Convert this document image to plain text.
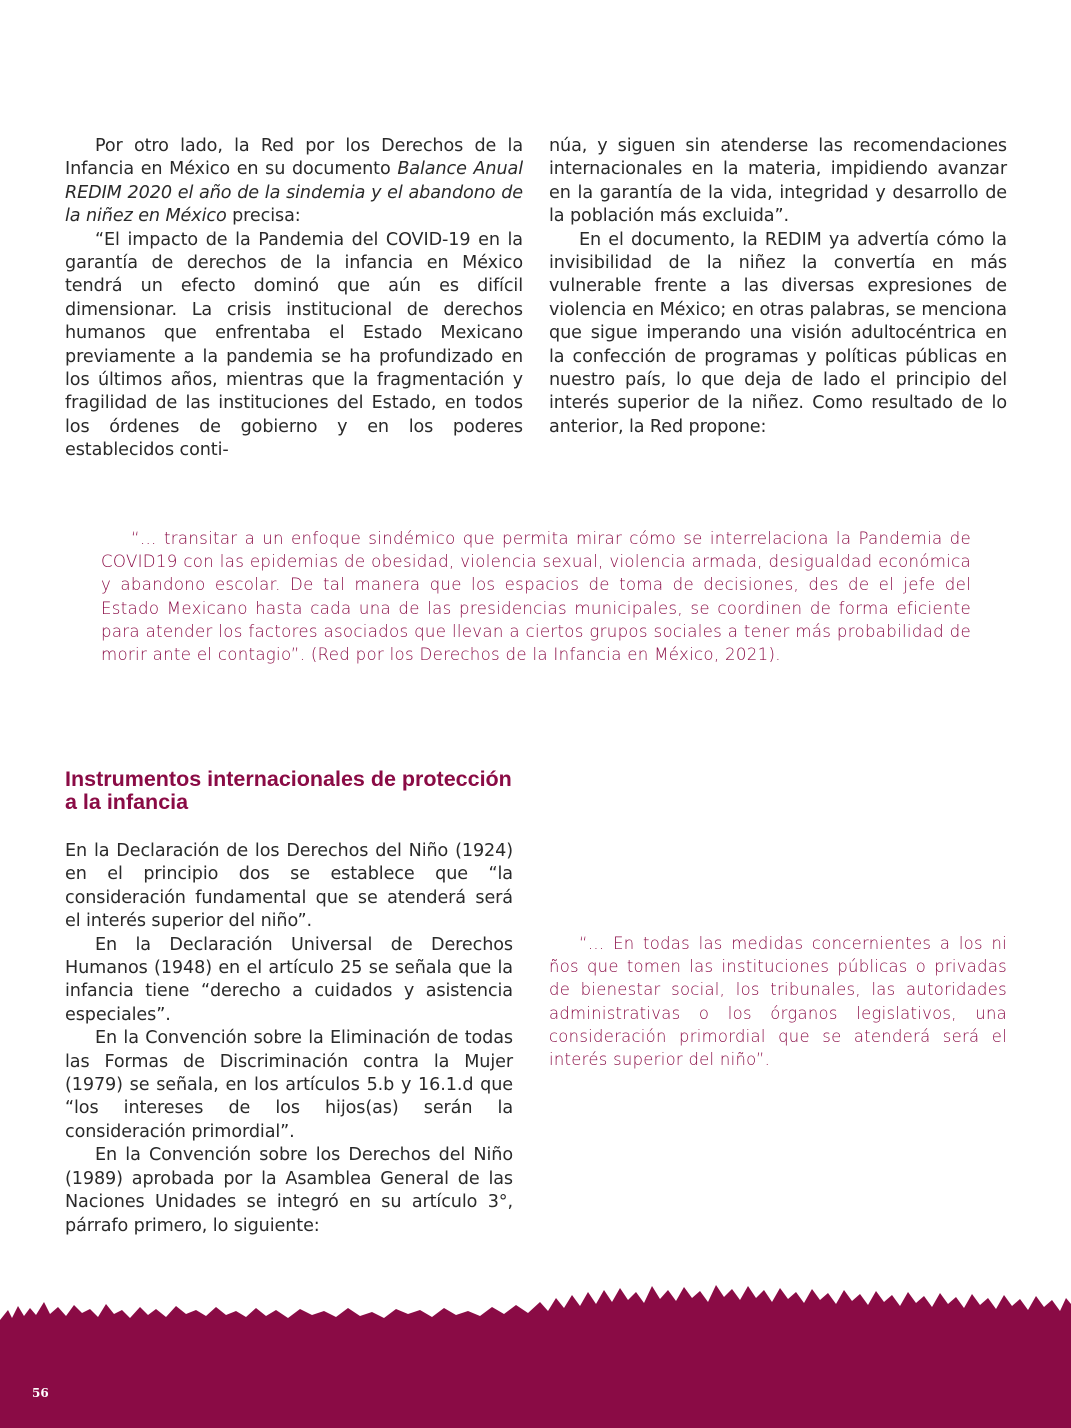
Por otro lado, la Red por los Derechos de la Infancia en México en su documento Balance Anual REDIM 2020 el año de la sindemia y el abandono de la niñez en México precisa:

“El impacto de la Pandemia del COVID-19 en la garantía de derechos de la infancia en México tendrá un efecto dominó que aún es difícil dimensionar. La crisis institucional de derechos humanos que enfrentaba el Estado Mexicano previamente a la pandemia se ha profundizado en los últimos años, mientras que la fragmentación y fragilidad de las instituciones del Estado, en todos los órdenes de gobierno y en los poderes establecidos conti-

núa, y siguen sin atenderse las recomendaciones internacionales en la materia, impidiendo avanzar en la garantía de la vida, integridad y desarrollo de la población más excluida”.

En el documento, la REDIM ya advertía cómo la invisibilidad de la niñez la convertía en más vulnerable frente a las diversas expresiones de violencia en México; en otras palabras, se menciona que sigue imperando una visión adultocéntrica en la confección de programas y políticas públicas en nuestro país, lo que deja de lado el principio del interés superior de la niñez. Como resultado de lo anterior, la Red propone:

“… transitar a un enfoque sindémico que permita mirar cómo se interrelaciona la Pandemia de COVID19 con las epidemias de obesidad, violencia sexual, violencia armada, desigualdad económica y abandono escolar. De tal manera que los espacios de toma de decisiones, des de el jefe del Estado Mexicano hasta cada una de las presidencias municipales, se coordinen de forma eficiente para atender los factores asociados que llevan a ciertos grupos sociales a tener más probabilidad de morir ante el contagio”. (Red por los Derechos de la Infancia en México, 2021).

Instrumentos internacionales de protección a la infancia

En la Declaración de los Derechos del Niño (1924) en el principio dos se establece que “la consideración fundamental que se atenderá será el interés superior del niño”.

En la Declaración Universal de Derechos Humanos (1948) en el artículo 25 se señala que la infancia tiene “derecho a cuidados y asistencia especiales”.

En la Convención sobre la Eliminación de todas las Formas de Discriminación contra la Mujer (1979) se señala, en los artículos 5.b y 16.1.d que “los intereses de los hijos(as) serán la consideración primordial”.

En la Convención sobre los Derechos del Niño (1989) aprobada por la Asamblea General de las Naciones Unidades se integró en su artículo 3°, párrafo primero, lo siguiente:

“… En todas las medidas concernientes a los ni ños que tomen las instituciones públicas o privadas de bienestar social, los tribunales, las autoridades administrativas o los órganos legislativos, una consideración primordial que se atenderá será el interés superior del niño”.

56
